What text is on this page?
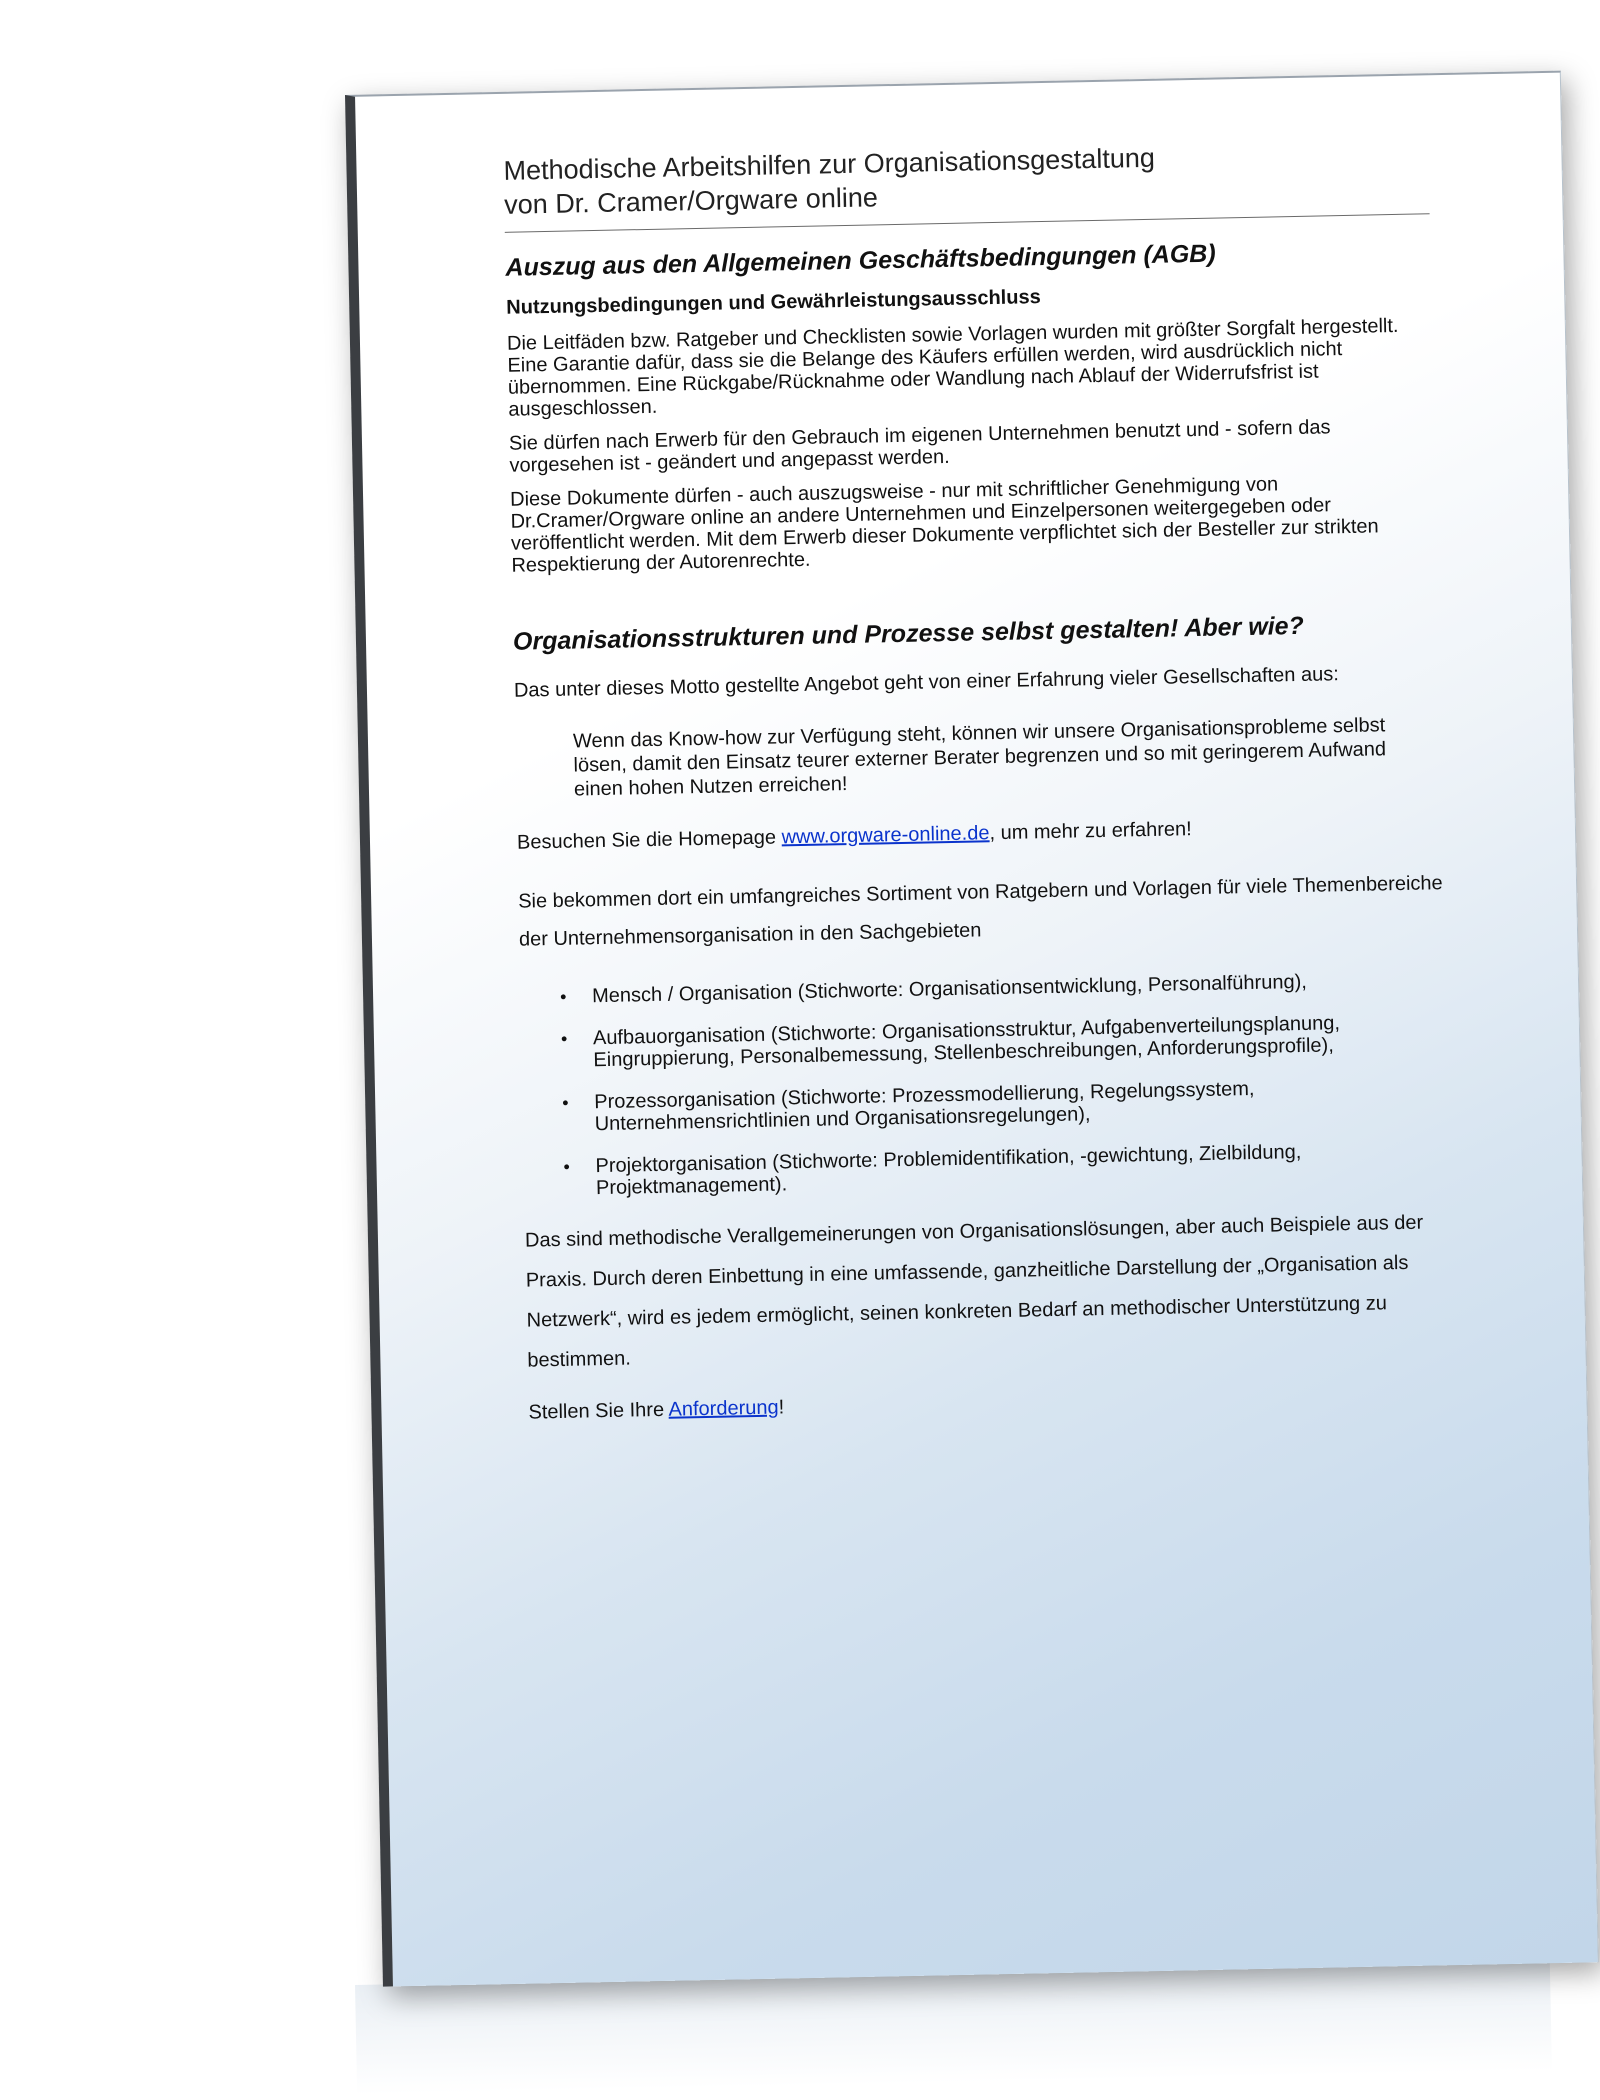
Methodische Arbeitshilfen zur Organisationsgestaltung
von Dr. Cramer/Orgware online
Auszug aus den Allgemeinen Geschäftsbedingungen (AGB)
Nutzungsbedingungen und Gewährleistungsausschluss
Die Leitfäden bzw. Ratgeber und Checklisten sowie Vorlagen wurden mit größter Sorgfalt hergestellt. Eine Garantie dafür, dass sie die Belange des Käufers erfüllen werden, wird ausdrücklich nicht übernommen. Eine Rückgabe/Rücknahme oder Wandlung nach Ablauf der Widerrufsfrist ist ausgeschlossen.
Sie dürfen nach Erwerb für den Gebrauch im eigenen Unternehmen benutzt und - sofern das vorgesehen ist - geändert und angepasst werden.
Diese Dokumente dürfen - auch auszugsweise - nur mit schriftlicher Genehmigung von Dr.Cramer/Orgware online an andere Unternehmen und Einzelpersonen weitergegeben oder veröffentlicht werden. Mit dem Erwerb dieser Dokumente verpflichtet sich der Besteller zur strikten Respektierung der Autorenrechte.
Organisationsstrukturen und Prozesse selbst gestalten! Aber wie?
Das unter dieses Motto gestellte Angebot geht von einer Erfahrung vieler Gesellschaften aus:
Wenn das Know-how zur Verfügung steht, können wir unsere Organisationsprobleme selbst lösen, damit den Einsatz teurer externer Berater begrenzen und so mit geringerem Aufwand einen hohen Nutzen erreichen!
Besuchen Sie die Homepage www.orgware-online.de, um mehr zu erfahren!
Sie bekommen dort ein umfangreiches Sortiment von Ratgebern und Vorlagen für viele Themenbereiche der Unternehmensorganisation in den Sachgebieten
• Mensch / Organisation (Stichworte: Organisationsentwicklung, Personalführung),
• Aufbauorganisation (Stichworte: Organisationsstruktur, Aufgabenverteilungsplanung, Eingruppierung, Personalbemessung, Stellenbeschreibungen, Anforderungsprofile),
• Prozessorganisation (Stichworte: Prozessmodellierung, Regelungssystem, Unternehmensrichtlinien und Organisationsregelungen),
• Projektorganisation (Stichworte: Problemidentifikation, -gewichtung, Zielbildung, Projektmanagement).
Das sind methodische Verallgemeinerungen von Organisationslösungen, aber auch Beispiele aus der Praxis. Durch deren Einbettung in eine umfassende, ganzheitliche Darstellung der „Organisation als Netzwerk“, wird es jedem ermöglicht, seinen konkreten Bedarf an methodischer Unterstützung zu bestimmen.
Stellen Sie Ihre Anforderung!
